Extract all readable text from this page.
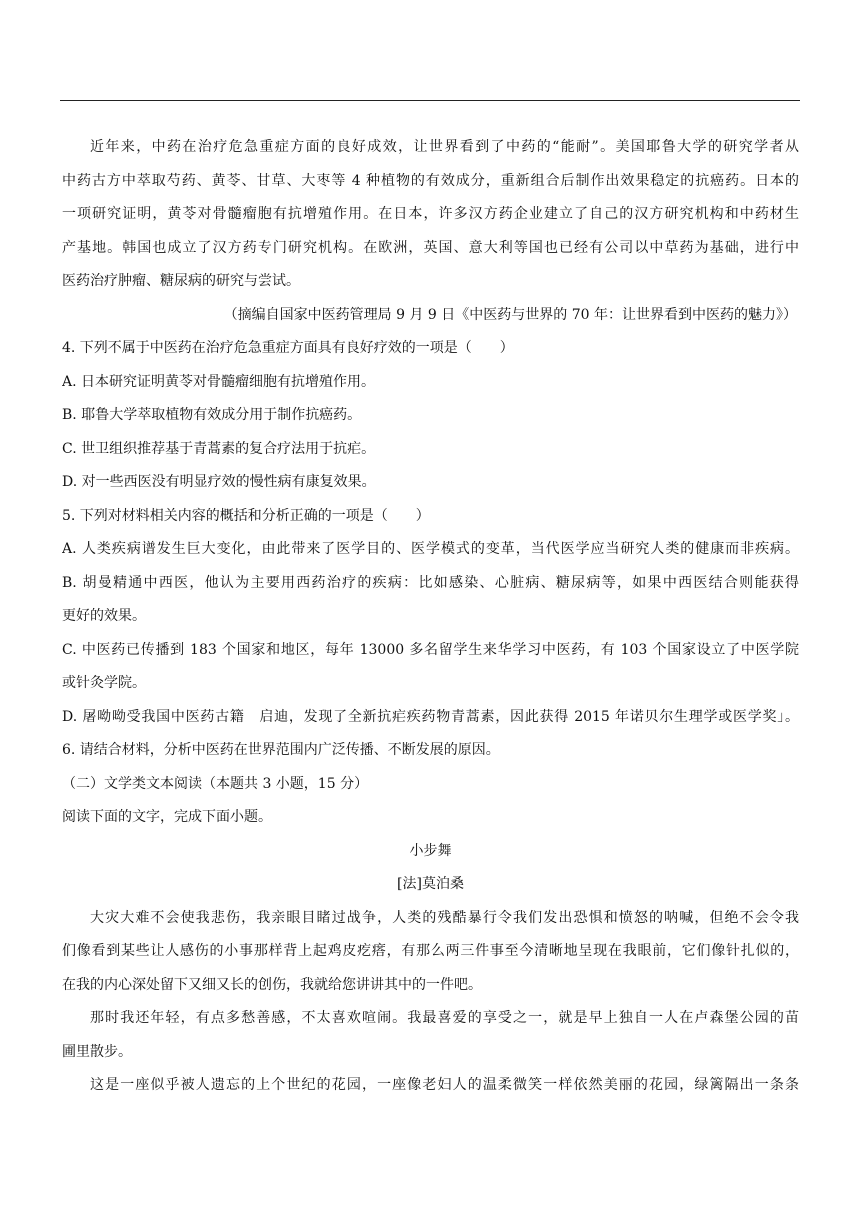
近年来，中药在治疗危急重症方面的良好成效，让世界看到了中药的“能耐”。美国耶鲁大学的研究学者从
中药古方中萃取芍药、黄苓、甘草、大枣等 4 种植物的有效成分，重新组合后制作出效果稳定的抗癌药。日本的
一项研究证明，黄苓对骨髓瘤胞有抗增殖作用。在日本，许多汉方药企业建立了自己的汉方研究机构和中药材生
产基地。韩国也成立了汉方药专门研究机构。在欧洲，英国、意大利等国也已经有公司以中草药为基础，进行中
医药治疗肿瘤、糖尿病的研究与尝试。
（摘编自国家中医药管理局 9 月 9 日《中医药与世界的 70 年：让世界看到中医药的魅力》）
4. 下列不属于中医药在治疗危急重症方面具有良好疗效的一项是（　　）
A. 日本研究证明黄苓对骨髓瘤细胞有抗增殖作用。
B. 耶鲁大学萃取植物有效成分用于制作抗癌药。
C. 世卫组织推荐基于青蒿素的复合疗法用于抗疟。
D. 对一些西医没有明显疗效的慢性病有康复效果。
5. 下列对材料相关内容的概括和分析正确的一项是（　　）
A. 人类疾病谱发生巨大变化，由此带来了医学目的、医学模式的变革，当代医学应当研究人类的健康而非疾病。
B. 胡曼精通中西医，他认为主要用西药治疗的疾病：比如感染、心脏病、糖尿病等，如果中西医结合则能获得
更好的效果。
C. 中医药已传播到 183 个国家和地区，每年 13000 多名留学生来华学习中医药，有 103 个国家设立了中医学院
或针灸学院。
D. 屠呦呦受我国中医药古籍　启迪，发现了全新抗疟疾药物青蒿素，因此获得 2015 年诺贝尔生理学或医学奖」。
6. 请结合材料，分析中医药在世界范围内广泛传播、不断发展的原因。
（二）文学类文本阅读（本题共 3 小题，15 分）
阅读下面的文字，完成下面小题。
小步舞
[法]莫泊桑
大灾大难不会使我悲伤，我亲眼目睹过战争，人类的残酷暴行令我们发出恐惧和愤怒的呐喊，但绝不会令我
们像看到某些让人感伤的小事那样背上起鸡皮疙瘩，有那么两三件事至今清晰地呈现在我眼前，它们像针扎似的，
在我的内心深处留下又细又长的创伤，我就给您讲讲其中的一件吧。
那时我还年轻，有点多愁善感，不太喜欢喧闹。我最喜爱的享受之一，就是早上独自一人在卢森堡公园的苗
圃里散步。
这是一座似乎被人遗忘的上个世纪的花园，一座像老妇人的温柔微笑一样依然美丽的花园，绿篱隔出一条条
